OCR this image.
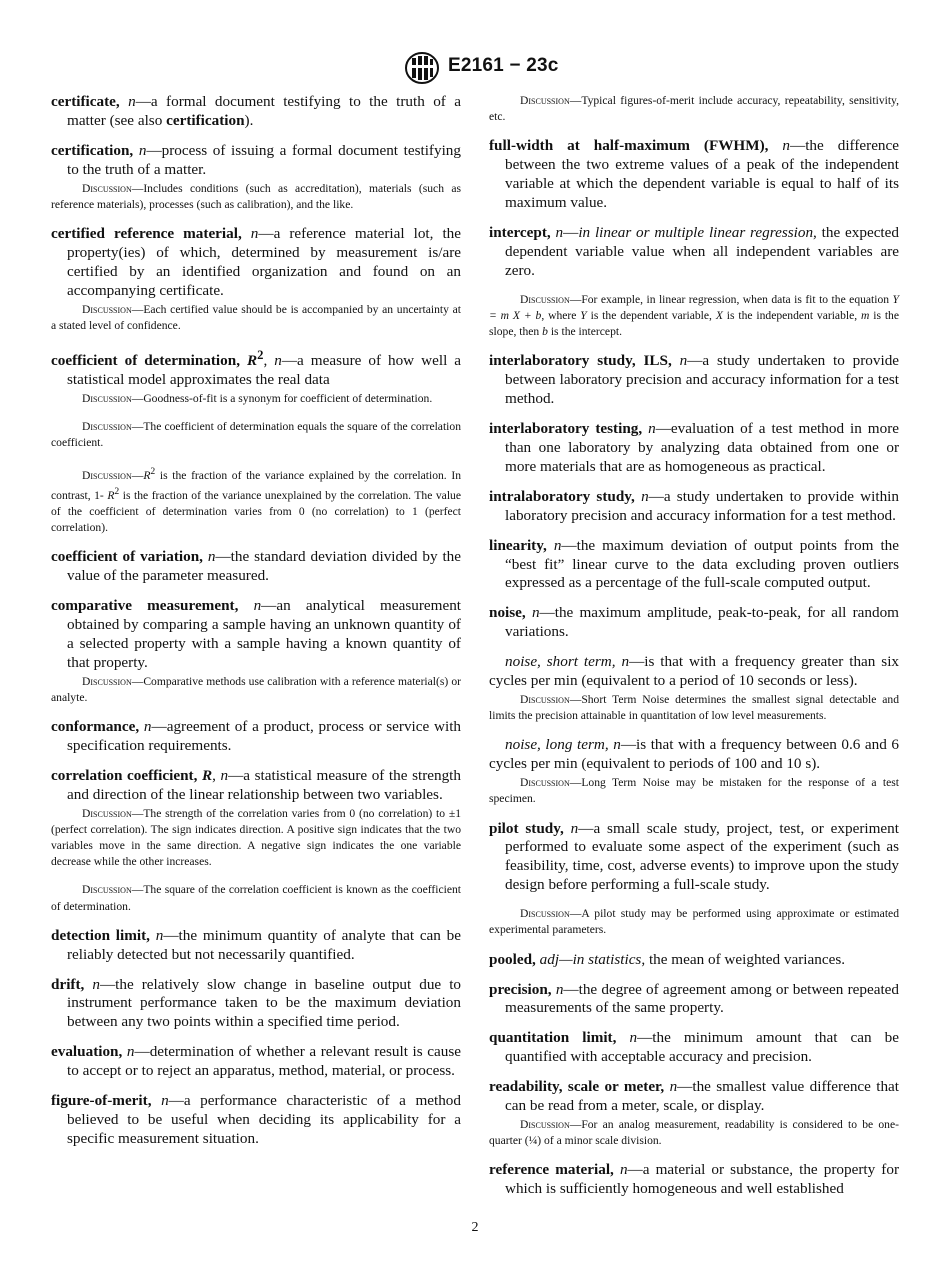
E2161 − 23c

certificate, n—a formal document testifying to the truth of a matter (see also certification).

certification, n—process of issuing a formal document testifying to the truth of a matter.

Discussion—Includes conditions (such as accreditation), materials (such as reference materials), processes (such as calibration), and the like.

certified reference material, n—a reference material lot, the property(ies) of which, determined by measurement is/are certified by an identified organization and found on an accompanying certificate.

Discussion—Each certified value should be is accompanied by an uncertainty at a stated level of confidence.

coefficient of determination, $R^2$, n—a measure of how well a statistical model approximates the real data

Discussion—Goodness-of-fit is a synonym for coefficient of determination.

Discussion—The coefficient of determination equals the square of the correlation coefficient.

$Discussion—R^2$ is the fraction of the variance explained by the correlation. In contrast, 1- $R^2$ is the fraction of the variance unexplained by the correlation. The value of the coefficient of determination varies from 0 (no correlation) to 1 (perfect correlation).

coefficient of variation, n—the standard deviation divided by the value of the parameter measured.

comparative measurement, n—an analytical measurement obtained by comparing a sample having an unknown quantity of a selected property with a sample having a known quantity of that property.

Discussion—Comparative methods use calibration with a reference material(s) or analyte.

conformance, n—agreement of a product, process or service with specification requirements.

correlation coefficient, R, n—a statistical measure of the strength and direction of the linear relationship between two variables.

Discussion—The strength of the correlation varies from 0 (no correlation) to ±1 (perfect correlation). The sign indicates direction. A positive sign indicates that the two variables move in the same direction. A negative sign indicates the one variable decrease while the other increases.

Discussion—The square of the correlation coefficient is known as the coefficient of determination.

detection limit, n—the minimum quantity of analyte that can be reliably detected but not necessarily quantified.

drift, n—the relatively slow change in baseline output due to instrument performance taken to be the maximum deviation between any two points within a specified time period.

evaluation, n—determination of whether a relevant result is cause to accept or to reject an apparatus, method, material, or process.

figure-of-merit, n—a performance characteristic of a method believed to be useful when deciding its applicability for a specific measurement situation.

Discussion—Typical figures-of-merit include accuracy, repeatability, sensitivity, etc.

full-width at half-maximum (FWHM), n—the difference between the two extreme values of a peak of the independent variable at which the dependent variable is equal to half of its maximum value.

intercept, n—in linear or multiple linear regression, the expected dependent variable value when all independent variables are zero.

Discussion—For example, in linear regression, when data is fit to the equation Y = m X + b, where Y is the dependent variable, X is the independent variable, m is the slope, then b is the intercept.

interlaboratory study, ILS, n—a study undertaken to provide between laboratory precision and accuracy information for a test method.

interlaboratory testing, n—evaluation of a test method in more than one laboratory by analyzing data obtained from one or more materials that are as homogeneous as practical.

intralaboratory study, n—a study undertaken to provide within laboratory precision and accuracy information for a test method.

linearity, n—the maximum deviation of output points from the “best fit” linear curve to the data excluding proven outliers expressed as a percentage of the full-scale computed output.

noise, n—the maximum amplitude, peak-to-peak, for all random variations.

noise, short term, n—is that with a frequency greater than six cycles per min (equivalent to a period of 10 seconds or less).

Discussion—Short Term Noise determines the smallest signal detectable and limits the precision attainable in quantitation of low level measurements.

noise, long term, n—is that with a frequency between 0.6 and 6 cycles per min (equivalent to periods of 100 and 10 s).

Discussion—Long Term Noise may be mistaken for the response of a test specimen.

pilot study, n—a small scale study, project, test, or experiment performed to evaluate some aspect of the experiment (such as feasibility, time, cost, adverse events) to improve upon the study design before performing a full-scale study.

Discussion—A pilot study may be performed using approximate or estimated experimental parameters.

pooled, adj—in statistics, the mean of weighted variances.

precision, n—the degree of agreement among or between repeated measurements of the same property.

quantitation limit, n—the minimum amount that can be quantified with acceptable accuracy and precision.

readability, scale or meter, n—the smallest value difference that can be read from a meter, scale, or display.

Discussion—For an analog measurement, readability is considered to be one-quarter (¼) of a minor scale division.

reference material, n—a material or substance, the property for which is sufficiently homogeneous and well established

2
